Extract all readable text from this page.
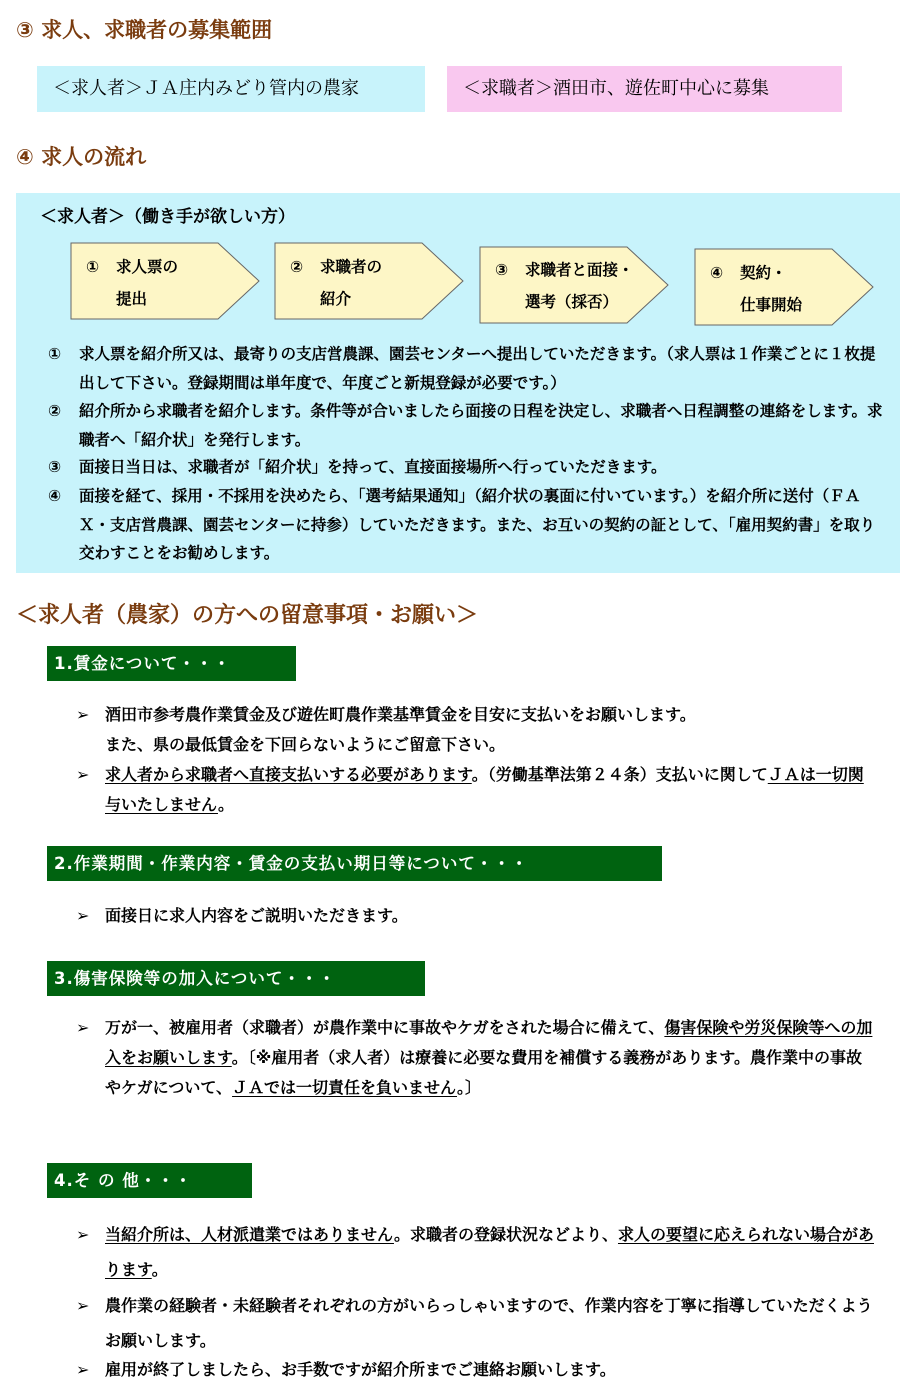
③ 求人、求職者の募集範囲
＜求人者＞ＪＡ庄内みどり管内の農家	＜求職者＞酒田市、遊佐町中心に募集
④ 求人の流れ
＜求人者＞（働き手が欲しい方）
① 求人票の
提出
② 求職者の
紹介
③ 求職者と面接・
選考（採否）
④ 契約・
仕事開始
① 求人票を紹介所又は、最寄りの支店営農課、園芸センターへ提出していただきます。（求人票は１作業ごとに１枚提出して下さい。登録期間は単年度で、年度ごと新規登録が必要です。）
② 紹介所から求職者を紹介します。条件等が合いましたら面接の日程を決定し、求職者へ日程調整の連絡をします。求職者へ「紹介状」を発行します。
③ 面接日当日は、求職者が「紹介状」を持って、直接面接場所へ行っていただきます。
④ 面接を経て、採用・不採用を決めたら、「選考結果通知」（紹介状の裏面に付いています。）を紹介所に送付（ＦＡＸ・支店営農課、園芸センターに持参）していただきます。また、お互いの契約の証として、「雇用契約書」を取り交わすことをお勧めします。
＜求人者（農家）の方への留意事項・お願い＞
1.賃金について・・・
➢ 酒田市参考農作業賃金及び遊佐町農作業基準賃金を目安に支払いをお願いします。
また、県の最低賃金を下回らないようにご留意下さい。
➢ 求人者から求職者へ直接支払いする必要があります。（労働基準法第２４条）支払いに関してＪＡは一切関与いたしません。
2.作業期間・作業内容・賃金の支払い期日等について・・・
➢ 面接日に求人内容をご説明いただきます。
3.傷害保険等の加入について・・・
➢ 万が一、被雇用者（求職者）が農作業中に事故やケガをされた場合に備えて、傷害保険や労災保険等への加入をお願いします。〔※雇用者（求人者）は療養に必要な費用を補償する義務があります。農作業中の事故やケガについて、ＪＡでは一切責任を負いません。〕
4.そ の 他・・・
➢ 当紹介所は、人材派遣業ではありません。求職者の登録状況などより、求人の要望に応えられない場合があります。
➢ 農作業の経験者・未経験者それぞれの方がいらっしゃいますので、作業内容を丁寧に指導していただくようお願いします。
➢ 雇用が終了しましたら、お手数ですが紹介所までご連絡お願いします。
